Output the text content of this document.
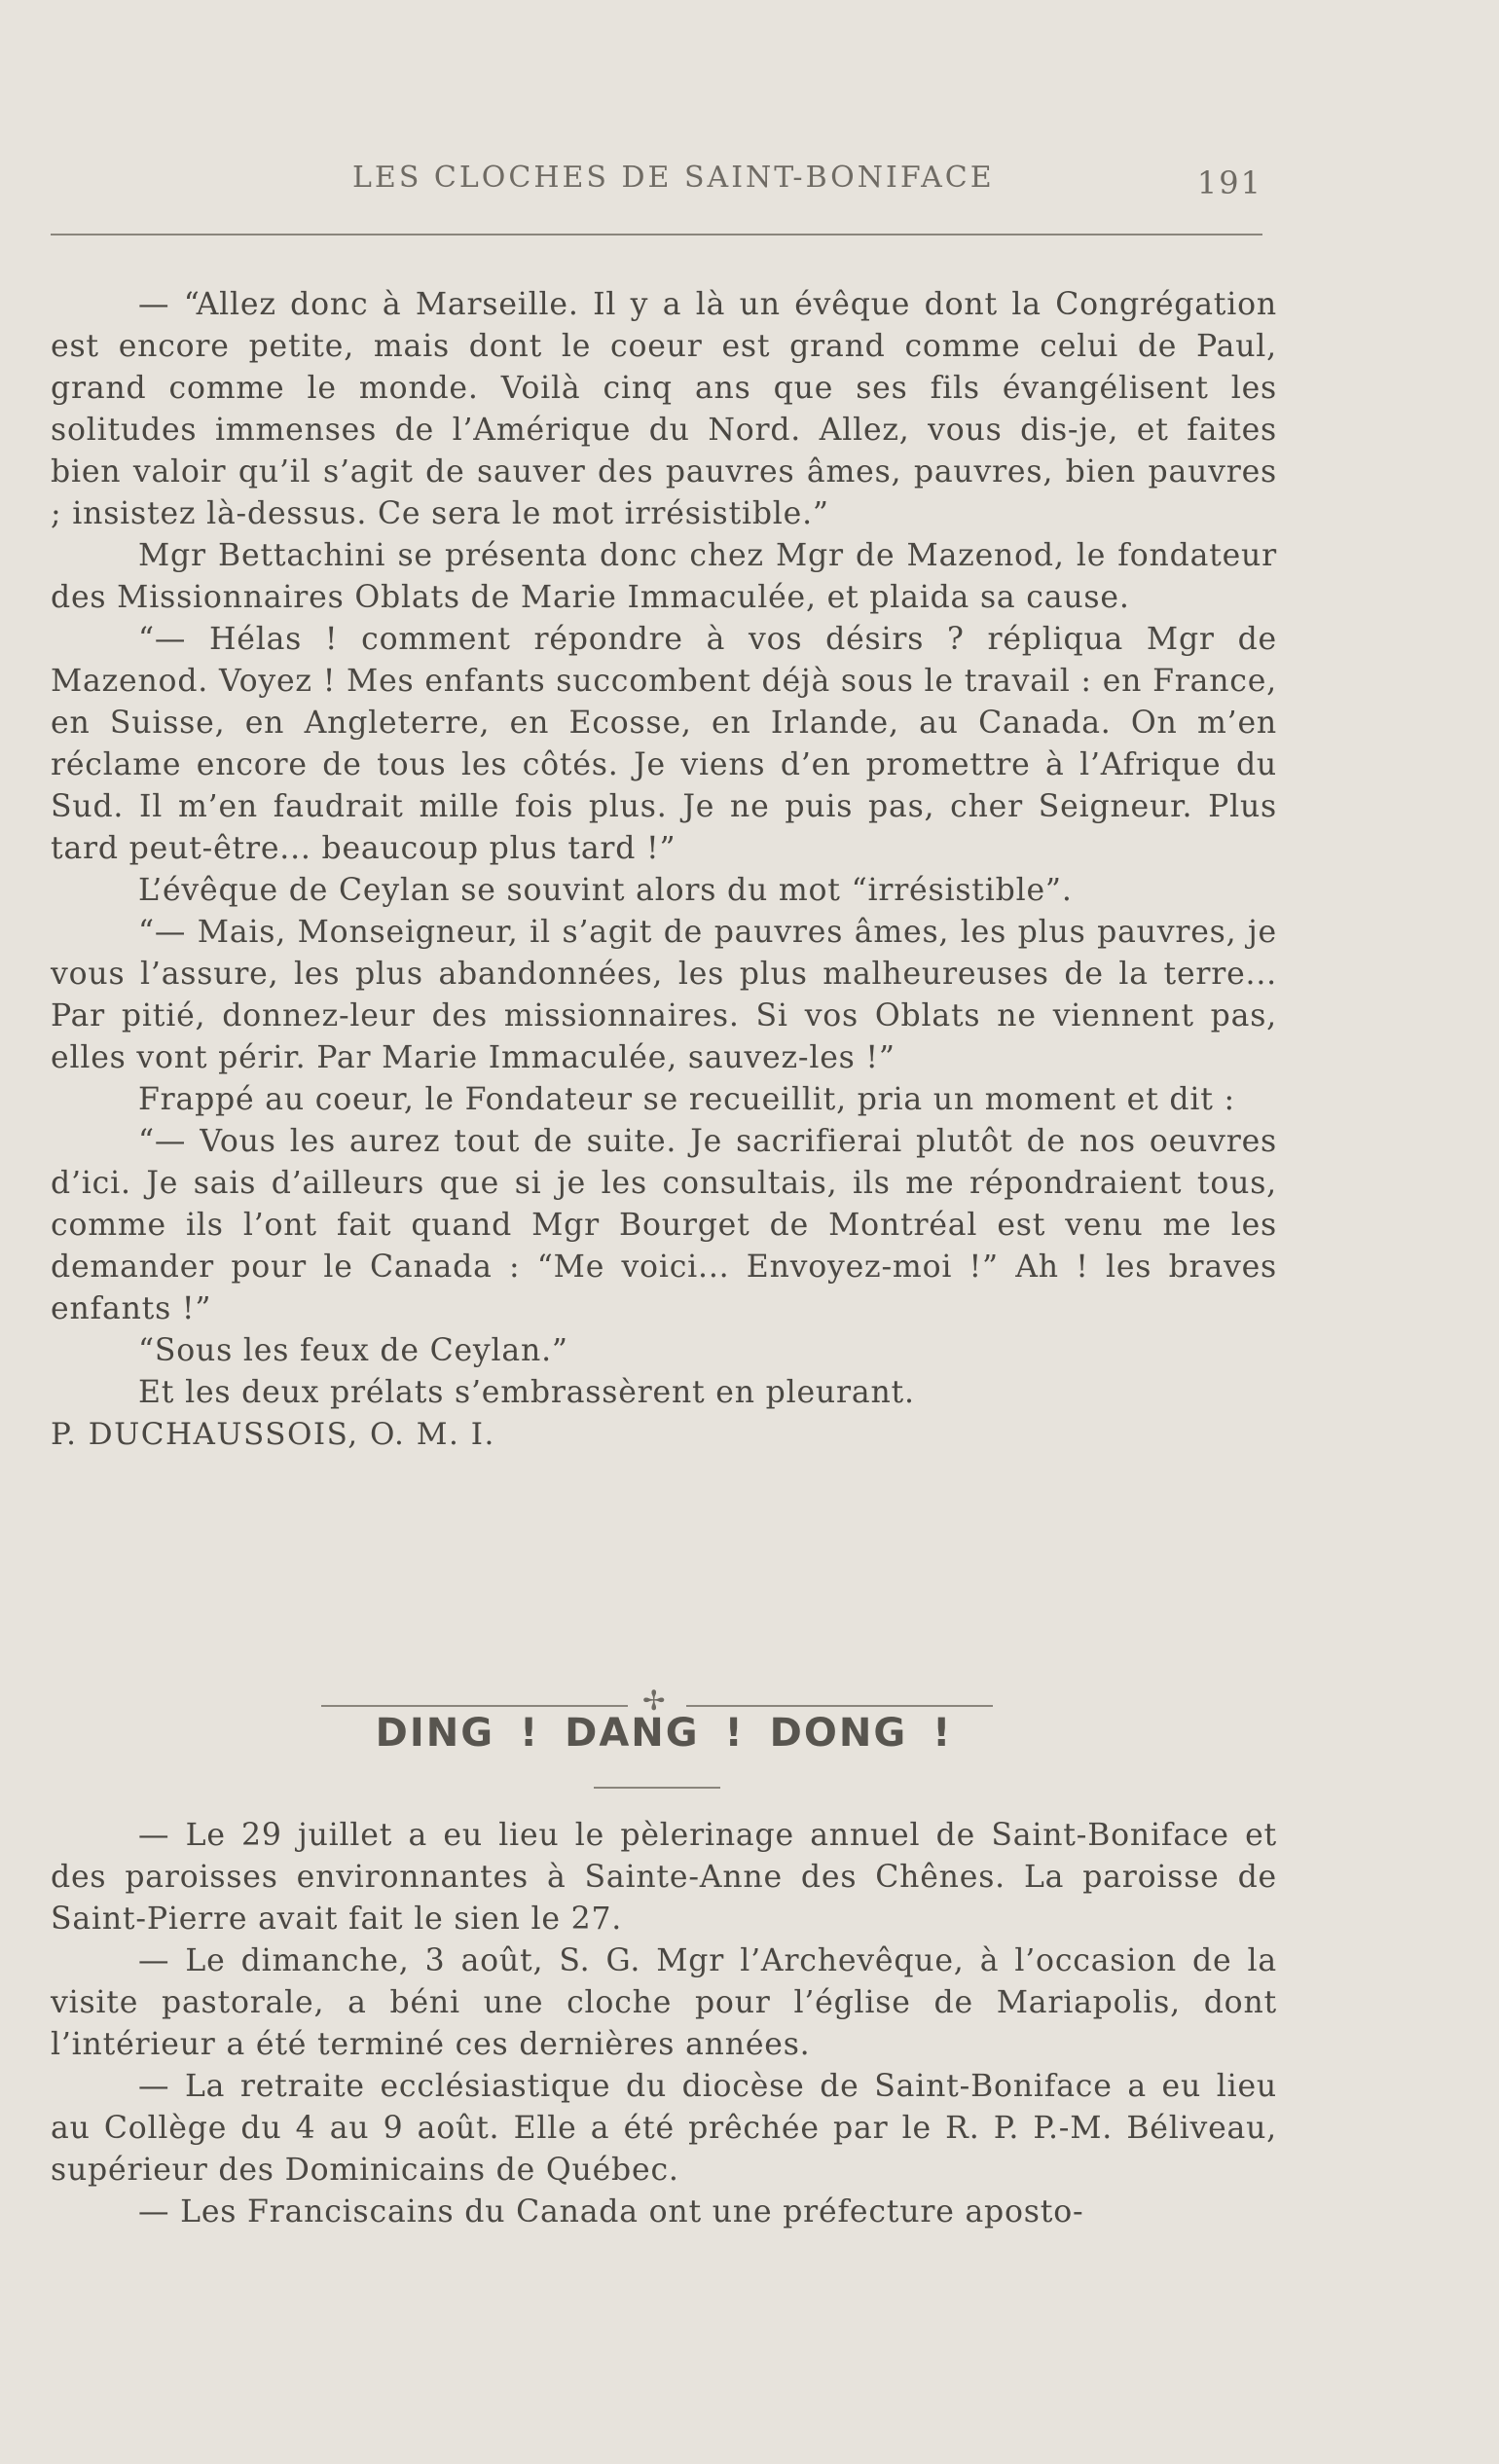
LES CLOCHES DE SAINT-BONIFACE	191

— “Allez donc à Marseille. Il y a là un évêque dont la Congrégation est encore petite, mais dont le coeur est grand comme celui de Paul, grand comme le monde. Voilà cinq ans que ses fils évangélisent les solitudes immenses de l’Amérique du Nord. Allez, vous dis-je, et faites bien valoir qu’il s’agit de sauver des pauvres âmes, pauvres, bien pauvres ; insistez là-dessus. Ce sera le mot irrésistible.”

Mgr Bettachini se présenta donc chez Mgr de Mazenod, le fondateur des Missionnaires Oblats de Marie Immaculée, et plaida sa cause.

“— Hélas ! comment répondre à vos désirs ? répliqua Mgr de Mazenod. Voyez ! Mes enfants succombent déjà sous le travail : en France, en Suisse, en Angleterre, en Ecosse, en Irlande, au Canada. On m’en réclame encore de tous les côtés. Je viens d’en promettre à l’Afrique du Sud. Il m’en faudrait mille fois plus. Je ne puis pas, cher Seigneur. Plus tard peut-être... beaucoup plus tard !”

L’évêque de Ceylan se souvint alors du mot “irrésistible”.

“— Mais, Monseigneur, il s’agit de pauvres âmes, les plus pauvres, je vous l’assure, les plus abandonnées, les plus malheureuses de la terre... Par pitié, donnez-leur des missionnaires. Si vos Oblats ne viennent pas, elles vont périr. Par Marie Immaculée, sauvez-les !”

Frappé au coeur, le Fondateur se recueillit, pria un moment et dit :

“— Vous les aurez tout de suite. Je sacrifierai plutôt de nos oeuvres d’ici. Je sais d’ailleurs que si je les consultais, ils me répondraient tous, comme ils l’ont fait quand Mgr Bourget de Montréal est venu me les demander pour le Canada : “Me voici... Envoyez-moi !” Ah ! les braves enfants !”

“Sous les feux de Ceylan.”

Et les deux prélats s’embrassèrent en pleurant.

P. DUCHAUSSOIS, O. M. I.

✢
DING ! DANG ! DONG !

— Le 29 juillet a eu lieu le pèlerinage annuel de Saint-Boniface et des paroisses environnantes à Sainte-Anne des Chênes. La paroisse de Saint-Pierre avait fait le sien le 27.

— Le dimanche, 3 août, S. G. Mgr l’Archevêque, à l’occasion de la visite pastorale, a béni une cloche pour l’église de Mariapolis, dont l’intérieur a été terminé ces dernières années.

— La retraite ecclésiastique du diocèse de Saint-Boniface a eu lieu au Collège du 4 au 9 août. Elle a été prêchée par le R. P. P.-M. Béliveau, supérieur des Dominicains de Québec.

— Les Franciscains du Canada ont une préfecture aposto-
